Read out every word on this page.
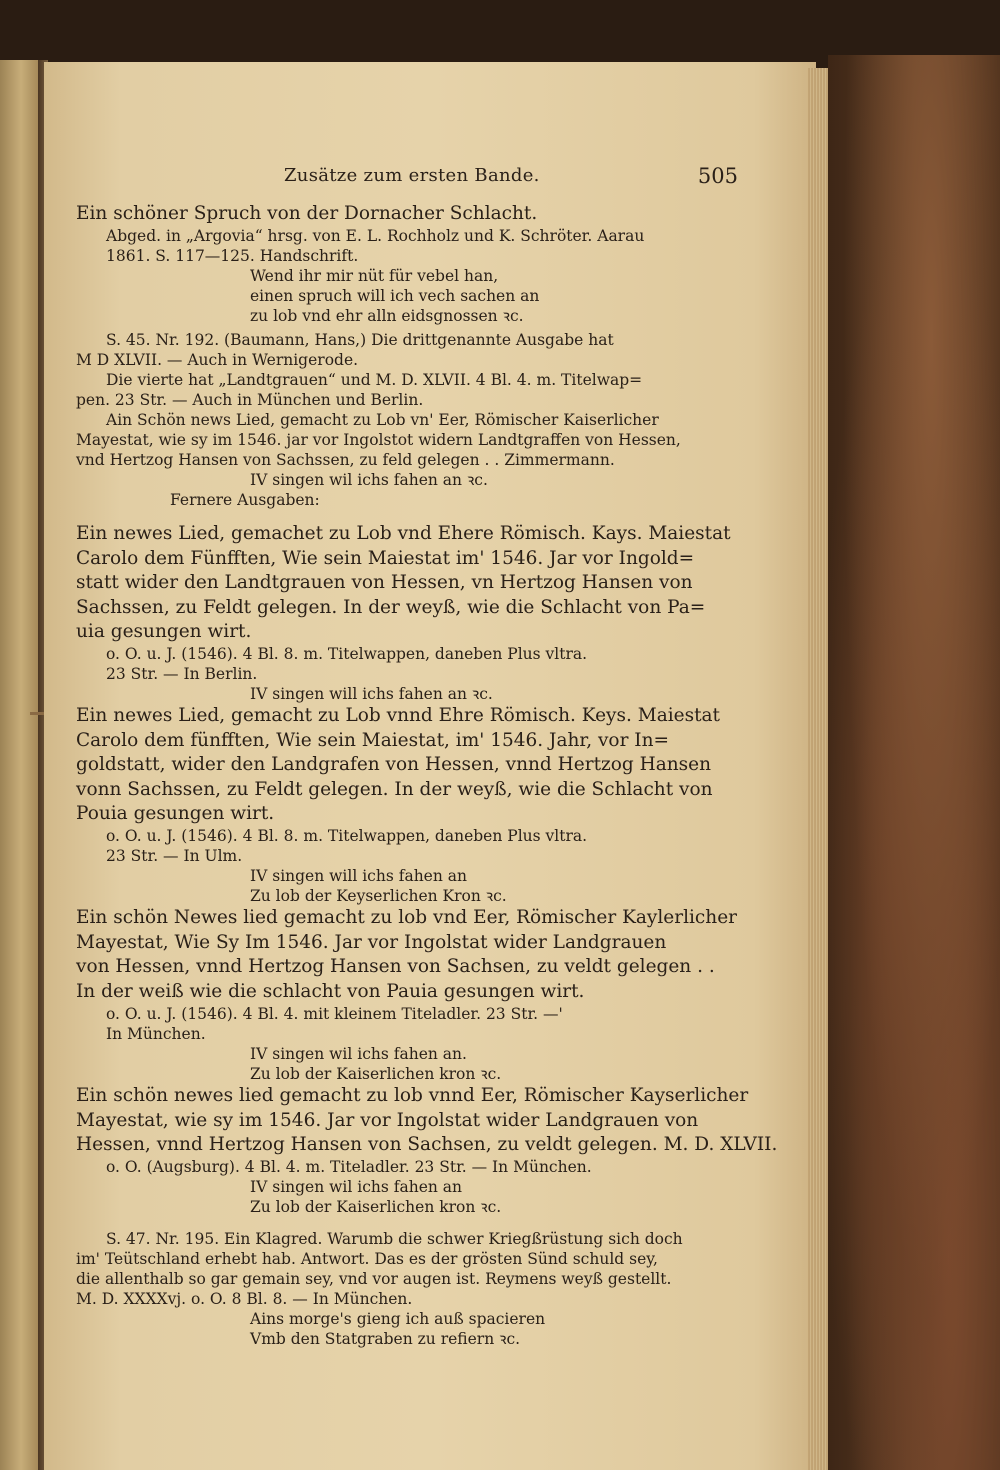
Zusätze zum ersten Bande.	505
Ein schöner Spruch von der Dornacher Schlacht.
Abged. in „Argovia“ hrsg. von E. L. Rochholz und K. Schröter. Aarau
1861. S. 117—125. Handschrift.
Wend ihr mir nüt für vebel han,
einen spruch will ich vech sachen an
zu lob vnd ehr alln eidsgnossen ꝛc.
S. 45. Nr. 192. (Baumann, Hans,) Die drittgenannte Ausgabe hat
M D XLVII. — Auch in Wernigerode.
Die vierte hat „Landtgrauen“ und M. D. XLVII. 4 Bl. 4. m. Titelwap=
pen. 23 Str. — Auch in München und Berlin.
Ain Schön news Lied, gemacht zu Lob vn' Eer, Römischer Kaiserlicher
Mayestat, wie sy im 1546. jar vor Ingolstot widern Landtgraffen von Hessen,
vnd Hertzog Hansen von Sachssen, zu feld gelegen . . Zimmermann.
IV singen wil ichs fahen an ꝛc.
Fernere Ausgaben:
Ein newes Lied, gemachet zu Lob vnd Ehere Römisch. Kays. Maiestat
Carolo dem Fünfften, Wie sein Maiestat im' 1546. Jar vor Ingold=
statt wider den Landtgrauen von Hessen, vn Hertzog Hansen von
Sachssen, zu Feldt gelegen. In der weyß, wie die Schlacht von Pa=
uia gesungen wirt.
o. O. u. J. (1546). 4 Bl. 8. m. Titelwappen, daneben Plus vltra.
23 Str. — In Berlin.
IV singen will ichs fahen an ꝛc.
Ein newes Lied, gemacht zu Lob vnnd Ehre Römisch. Keys. Maiestat
Carolo dem fünfften, Wie sein Maiestat, im' 1546. Jahr, vor In=
goldstatt, wider den Landgrafen von Hessen, vnnd Hertzog Hansen
vonn Sachssen, zu Feldt gelegen. In der weyß, wie die Schlacht von
Pouia gesungen wirt.
o. O. u. J. (1546). 4 Bl. 8. m. Titelwappen, daneben Plus vltra.
23 Str. — In Ulm.
IV singen will ichs fahen an
Zu lob der Keyserlichen Kron ꝛc.
Ein schön Newes lied gemacht zu lob vnd Eer, Römischer Kaylerlicher
Mayestat, Wie Sy Im 1546. Jar vor Ingolstat wider Landgrauen
von Hessen, vnnd Hertzog Hansen von Sachsen, zu veldt gelegen . .
In der weiß wie die schlacht von Pauia gesungen wirt.
o. O. u. J. (1546). 4 Bl. 4. mit kleinem Titeladler. 23 Str. —'
In München.
IV singen wil ichs fahen an.
Zu lob der Kaiserlichen kron ꝛc.
Ein schön newes lied gemacht zu lob vnnd Eer, Römischer Kayserlicher
Mayestat, wie sy im 1546. Jar vor Ingolstat wider Landgrauen von
Hessen, vnnd Hertzog Hansen von Sachsen, zu veldt gelegen. M. D. XLVII.
o. O. (Augsburg). 4 Bl. 4. m. Titeladler. 23 Str. — In München.
IV singen wil ichs fahen an
Zu lob der Kaiserlichen kron ꝛc.
S. 47. Nr. 195. Ein Klagred. Warumb die schwer Kriegßrüstung sich doch
im' Teütschland erhebt hab. Antwort. Das es der grösten Sünd schuld sey,
die allenthalb so gar gemain sey, vnd vor augen ist. Reymens weyß gestellt.
M. D. XXXXvj. o. O. 8 Bl. 8. — In München.
Ains morge's gieng ich auß spacieren
Vmb den Statgraben zu refiern ꝛc.
